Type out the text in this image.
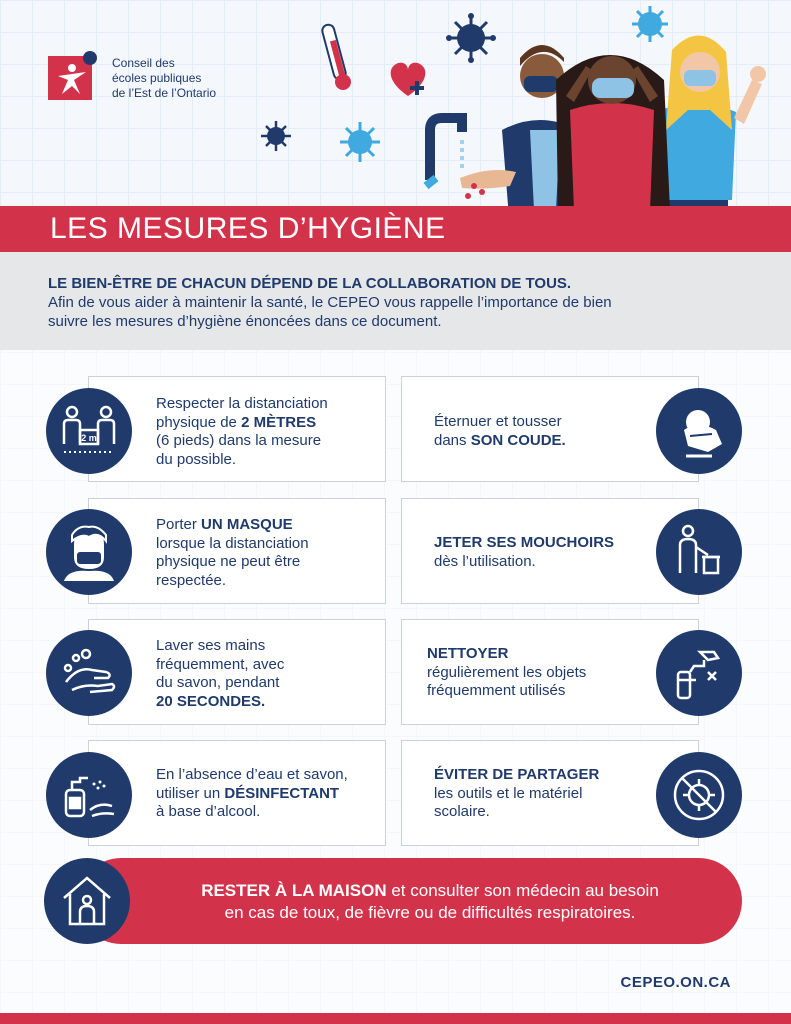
Conseil des
écoles publiques
de l’Est de l’Ontario
LES MESURES D’HYGIÈNE
LE BIEN-ÊTRE DE CHACUN DÉPEND DE LA COLLABORATION DE TOUS.
Afin de vous aider à maintenir la santé, le CEPEO vous rappelle l’importance de bien
suivre les mesures d’hygiène énoncées dans ce document.
Respecter la distanciation
physique de 2 MÈTRES
(6 pieds) dans la mesure
du possible.
2 m
Éternuer et tousser
dans SON COUDE.
Porter UN MASQUE
lorsque la distanciation
physique ne peut être
respectée.
JETER SES MOUCHOIRS
dès l’utilisation.
Laver ses mains
fréquemment, avec
du savon, pendant
20 SECONDES.
NETTOYER
régulièrement les objets
fréquemment utilisés
En l’absence d’eau et savon,
utiliser un DÉSINFECTANT
à base d’alcool.
ÉVITER DE PARTAGER
les outils et le matériel
scolaire.
RESTER À LA MAISON et consulter son médecin au besoin
en cas de toux, de fièvre ou de difficultés respiratoires.
CEPEO.ON.CA
